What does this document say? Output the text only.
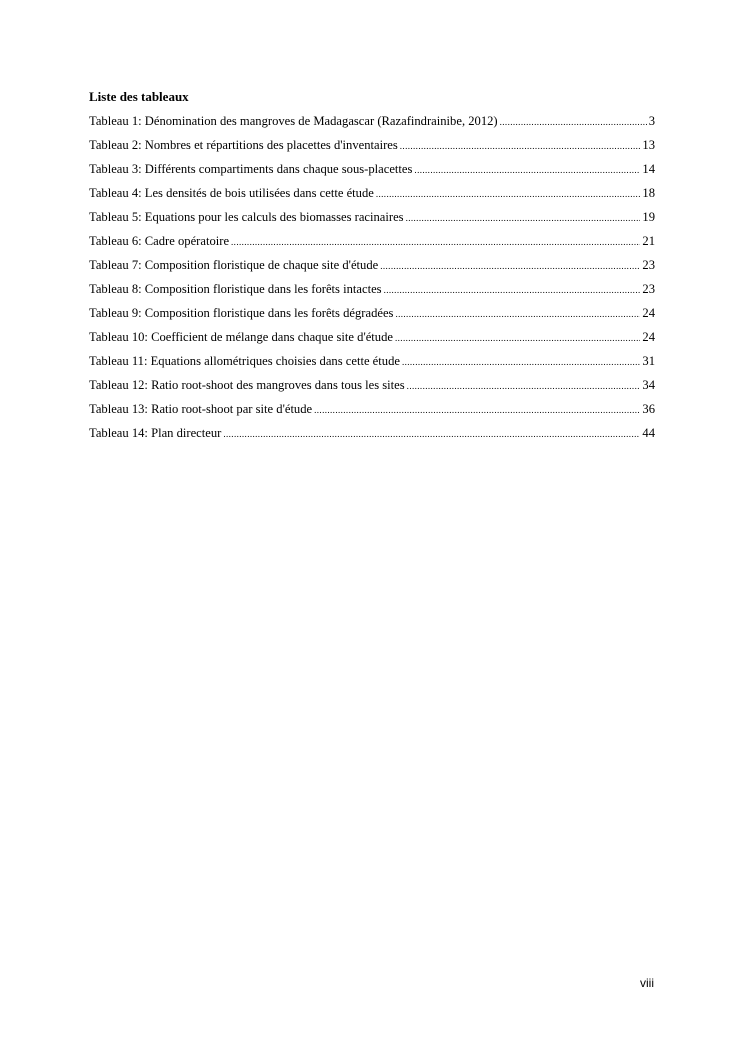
Liste des tableaux
Tableau 1: Dénomination des mangroves de Madagascar (Razafindrainibe, 2012) .....	3
Tableau 2: Nombres et répartitions des placettes d'inventaires .....	13
Tableau 3: Différents compartiments dans chaque sous-placettes .....	14
Tableau 4: Les densités de bois utilisées dans cette étude .....	18
Tableau 5: Equations pour les calculs des biomasses racinaires .....	19
Tableau 6: Cadre opératoire .....	21
Tableau 7: Composition floristique de chaque site d'étude .....	23
Tableau 8: Composition floristique dans les forêts intactes .....	23
Tableau 9: Composition floristique dans les forêts dégradées .....	24
Tableau 10: Coefficient de mélange dans chaque site d'étude .....	24
Tableau 11: Equations allométriques choisies dans cette étude .....	31
Tableau 12: Ratio root-shoot des mangroves dans tous les sites .....	34
Tableau 13: Ratio root-shoot par site d'étude .....	36
Tableau 14: Plan directeur .....	44
viii
